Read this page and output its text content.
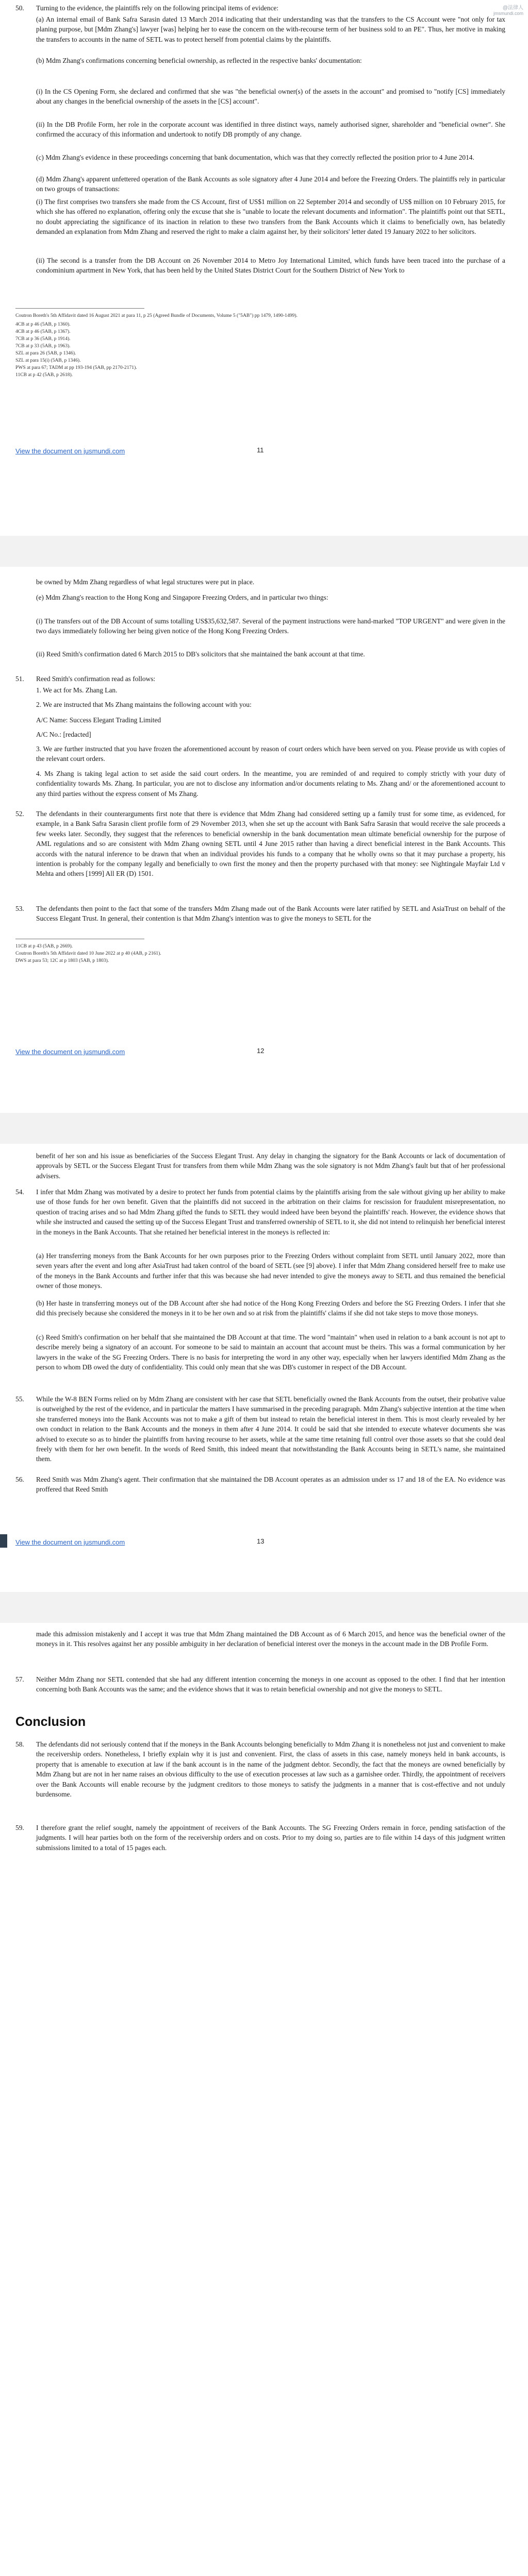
50. Turning to the evidence, the plaintiffs rely on the following principal items of evidence:
(a) An internal email of Bank Safra Sarasin dated 13 March 2014 indicating that their understanding was that the transfers to the CS Account were "not only for tax planing purpose, but [Mdm Zhang's] lawyer [was] helping her to ease the concern on the with-recourse term of her business sold to an PE". Thus, her motive in making the transfers to accounts in the name of SETL was to protect herself from potential claims by the plaintiffs.
(b) Mdm Zhang's confirmations concerning beneficial ownership, as reflected in the respective banks' documentation:
(i) In the CS Opening Form, she declared and confirmed that she was "the beneficial owner(s) of the assets in the account" and promised to "notify [CS] immediately about any changes in the beneficial ownership of the assets in the [CS] account".
(ii) In the DB Profile Form, her role in the corporate account was identified in three distinct ways, namely authorised signer, shareholder and "beneficial owner". She confirmed the accuracy of this information and undertook to notify DB promptly of any change.
(c) Mdm Zhang's evidence in these proceedings concerning that bank documentation, which was that they correctly reflected the position prior to 4 June 2014.
(d) Mdm Zhang's apparent unfettered operation of the Bank Accounts as sole signatory after 4 June 2014 and before the Freezing Orders. The plaintiffs rely in particular on two groups of transactions:
(i) The first comprises two transfers she made from the CS Account, first of US$1 million on 22 September 2014 and secondly of US$ million on 10 February 2015, for which she has offered no explanation, offering only the excuse that she is "unable to locate the relevant documents and information". The plaintiffs point out that SETL, no doubt appreciating the significance of its inaction in relation to these two transfers from the Bank Accounts which it claims to beneficially own, has belatedly demanded an explanation from Mdm Zhang and reserved the right to make a claim against her, by their solicitors' letter dated 19 January 2022 to her solicitors.
(ii) The second is a transfer from the DB Account on 26 November 2014 to Metro Joy International Limited, which funds have been traced into the purchase of a condominium apartment in New York, that has been held by the United States District Court for the Southern District of New York to
Coutron Boreth's 5th Affidavit dated 16 August 2021 at para 11, p 25 (Agreed Bundle of Documents, Volume 5 ("5AB") pp 1479, 1490-1499).
4CB at p 46 (5AB, p 1360).
4CB at p 46 (5AB, p 1367).
7CB at p 36 (5AB, p 1914).
7CB at p 33 (5AB, p 1963).
SZL at para 26 (5AB, p 1346).
SZL at para 15(i) (5AB, p 1346).
PWS at para 67; TADM at pp 193-194 (5AB, pp 2170-2171).
11CB at p 42 (5AB, p 2618).
View the document on jusmundi.com	11
be owned by Mdm Zhang regardless of what legal structures were put in place.
(e) Mdm Zhang's reaction to the Hong Kong and Singapore Freezing Orders, and in particular two things:
(i) The transfers out of the DB Account of sums totalling US$35,632,587. Several of the payment instructions were hand-marked "TOP URGENT" and were given in the two days immediately following her being given notice of the Hong Kong Freezing Orders.
(ii) Reed Smith's confirmation dated 6 March 2015 to DB's solicitors that she maintained the bank account at that time.
51. Reed Smith's confirmation read as follows:
1. We act for Ms. Zhang Lan.
2. We are instructed that Ms Zhang maintains the following account with you:
A/C Name: Success Elegant Trading Limited
A/C No.: [redacted]
3. We are further instructed that you have frozen the aforementioned account by reason of court orders which have been served on you. Please provide us with copies of the relevant court orders.
4. Ms Zhang is taking legal action to set aside the said court orders. In the meantime, you are reminded of and required to comply strictly with your duty of confidentiality towards Ms. Zhang. In particular, you are not to disclose any information and/or documents relating to Ms. Zhang and/ or the aforementioned account to any third parties without the express consent of Ms Zhang.
52. The defendants in their counterarguments first note that there is evidence that Mdm Zhang had considered setting up a family trust for some time, as evidenced, for example, in a Bank Safra Sarasin client profile form of 29 November 2013, when she set up the account with Bank Safra Sarasin that would receive the sale proceeds a few weeks later. Secondly, they suggest that the references to beneficial ownership in the bank documentation mean ultimate beneficial ownership for the purpose of AML regulations and so are consistent with Mdm Zhang owning SETL until 4 June 2015 rather than having a direct beneficial interest in the Bank Accounts. This accords with the natural inference to be drawn that when an individual provides his funds to a company that he wholly owns so that it may purchase a property, his intention is probably for the company legally and beneficially to own first the money and then the property purchased with that money: see Nightingale Mayfair Ltd v Mehta and others [1999] All ER (D) 1501.
53. The defendants then point to the fact that some of the transfers Mdm Zhang made out of the Bank Accounts were later ratified by SETL and AsiaTrust on behalf of the Success Elegant Trust. In general, their contention is that Mdm Zhang's intention was to give the moneys to SETL for the
11CB at p 43 (5AB, p 2669).
Coutron Boreth's 5th Affidavit dated 10 June 2022 at p 40 (4AB, p 2161).
DWS at para 53; 12C at p 1803 (5AB, p 1803).
View the document on jusmundi.com	12
benefit of her son and his issue as beneficiaries of the Success Elegant Trust. Any delay in changing the signatory for the Bank Accounts or lack of documentation of approvals by SETL or the Success Elegant Trust for transfers from them while Mdm Zhang was the sole signatory is not Mdm Zhang's fault but that of her professional advisers.
54. I infer that Mdm Zhang was motivated by a desire to protect her funds from potential claims by the plaintiffs arising from the sale without giving up her ability to make use of those funds for her own benefit. Given that the plaintiffs did not succeed in the arbitration on their claims for rescission for fraudulent misrepresentation, no question of tracing arises and so had Mdm Zhang gifted the funds to SETL they would indeed have been beyond the plaintiffs' reach. However, the evidence shows that while she instructed and caused the setting up of the Success Elegant Trust and transferred ownership of SETL to it, she did not intend to relinquish her beneficial interest in the moneys in the Bank Accounts. That she retained her beneficial interest in the moneys is reflected in:
(a) Her transferring moneys from the Bank Accounts for her own purposes prior to the Freezing Orders without complaint from SETL until January 2022, more than seven years after the event and long after AsiaTrust had taken control of the board of SETL (see [9] above). I infer that Mdm Zhang considered herself free to make use of the moneys in the Bank Accounts and further infer that this was because she had never intended to give the moneys away to SETL and thus remained the beneficial owner of those moneys.
(b) Her haste in transferring moneys out of the DB Account after she had notice of the Hong Kong Freezing Orders and before the SG Freezing Orders. I infer that she did this precisely because she considered the moneys in it to be her own and so at risk from the plaintiffs' claims if she did not take steps to move those moneys.
(c) Reed Smith's confirmation on her behalf that she maintained the DB Account at that time. The word "maintain" when used in relation to a bank account is not apt to describe merely being a signatory of an account. For someone to be said to maintain an account that account must be theirs. This was a formal communication by her lawyers in the wake of the SG Freezing Orders. There is no basis for interpreting the word in any other way, especially when her lawyers identified Mdm Zhang as the person to whom DB owed the duty of confidentiality. This could only mean that she was DB's customer in respect of the DB Account.
55. While the W-8 BEN Forms relied on by Mdm Zhang are consistent with her case that SETL beneficially owned the Bank Accounts from the outset, their probative value is outweighed by the rest of the evidence, and in particular the matters I have summarised in the preceding paragraph. Mdm Zhang's subjective intention at the time when she transferred moneys into the Bank Accounts was not to make a gift of them but instead to retain the beneficial interest in them. This is most clearly revealed by her own conduct in relation to the Bank Accounts and the moneys in them after 4 June 2014. It could be said that she intended to execute whatever documents she was advised to execute so as to hinder the plaintiffs from having recourse to her assets, while at the same time retaining full control over those assets so that she could deal freely with them for her own benefit. In the words of Reed Smith, this indeed meant that notwithstanding the Bank Accounts being in SETL's name, she maintained them.
56. Reed Smith was Mdm Zhang's agent. Their confirmation that she maintained the DB Account operates as an admission under ss 17 and 18 of the EA. No evidence was proffered that Reed Smith
View the document on jusmundi.com	13
made this admission mistakenly and I accept it was true that Mdm Zhang maintained the DB Account as of 6 March 2015, and hence was the beneficial owner of the moneys in it. This resolves against her any possible ambiguity in her declaration of beneficial interest over the moneys in the account made in the DB Profile Form.
57. Neither Mdm Zhang nor SETL contended that she had any different intention concerning the moneys in one account as opposed to the other. I find that her intention concerning both Bank Accounts was the same; and the evidence shows that it was to retain beneficial ownership and not give the moneys to SETL.
Conclusion
58. The defendants did not seriously contend that if the moneys in the Bank Accounts belonging beneficially to Mdm Zhang it is nonetheless not just and convenient to make the receivership orders. Nonetheless, I briefly explain why it is just and convenient. First, the class of assets in this case, namely moneys held in bank accounts, is property that is amenable to execution at law if the bank account is in the name of the judgment debtor. Secondly, the fact that the moneys are owned beneficially by Mdm Zhang but are not in her name raises an obvious difficulty to the use of execution processes at law such as a garnishee order. Thirdly, the appointment of receivers over the Bank Accounts will enable recourse by the judgment creditors to those moneys to satisfy the judgments in a manner that is cost-effective and not unduly burdensome.
59. I therefore grant the relief sought, namely the appointment of receivers of the Bank Accounts. The SG Freezing Orders remain in force, pending satisfaction of the judgments. I will hear parties both on the form of the receivership orders and on costs. Prior to my doing so, parties are to file within 14 days of this judgment written submissions limited to a total of 15 pages each.
@法律人
jmsmundi.com
